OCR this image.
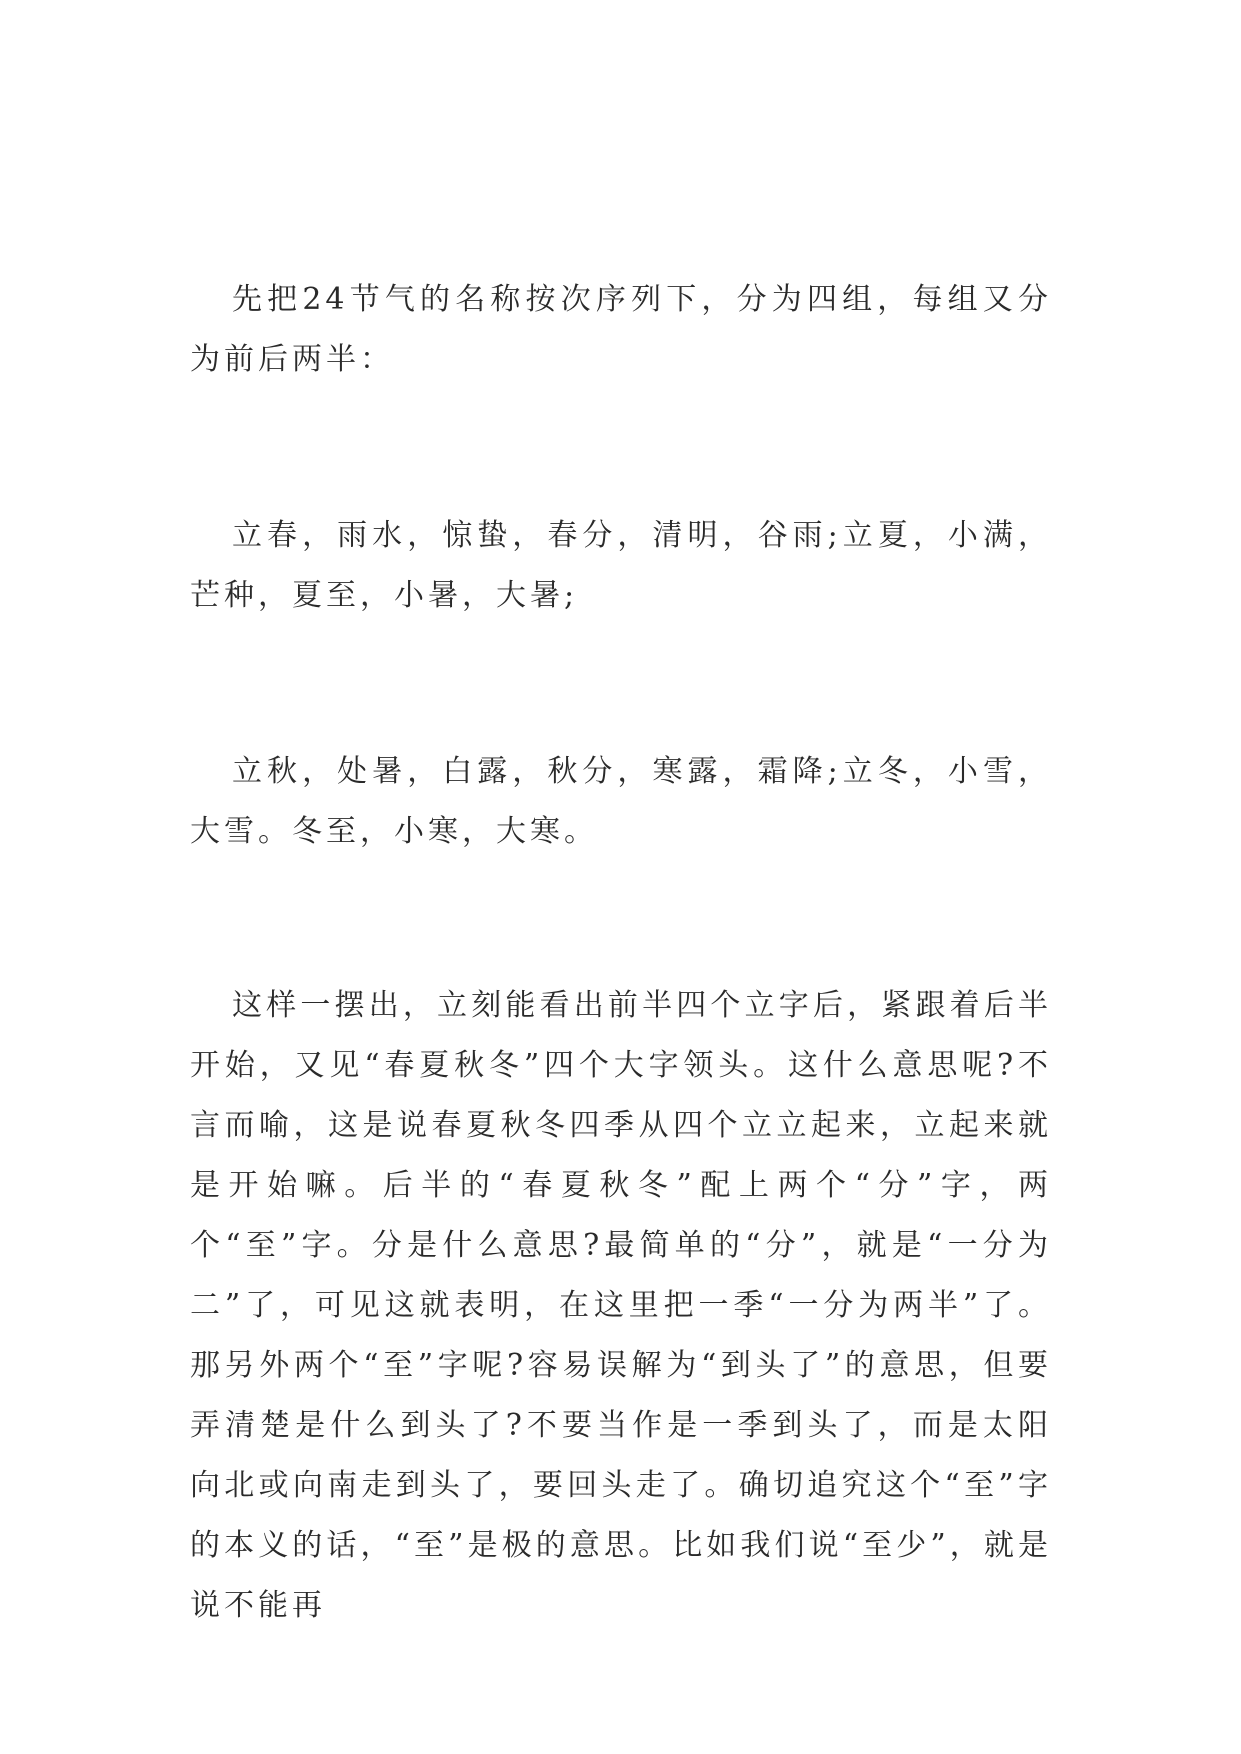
先把24节气的名称按次序列下，分为四组，每组又分为前后两半：

立春，雨水，惊蛰，春分，清明，谷雨;立夏，小满，芒种，夏至，小暑，大暑;

立秋，处暑，白露，秋分，寒露，霜降;立冬，小雪，大雪。冬至，小寒，大寒。

这样一摆出，立刻能看出前半四个立字后，紧跟着后半开始，又见“春夏秋冬”四个大字领头。这什么意思呢?不言而喻，这是说春夏秋冬四季从四个立立起来，立起来就是开始嘛。后半的“春夏秋冬”配上两个“分”字，两个“至”字。分是什么意思?最简单的“分”，就是“一分为二”了，可见这就表明，在这里把一季“一分为两半”了。那另外两个“至”字呢?容易误解为“到头了”的意思，但要弄清楚是什么到头了?不要当作是一季到头了，而是太阳向北或向南走到头了，要回头走了。确切追究这个“至”字的本义的话，“至”是极的意思。比如我们说“至少”，就是说不能再
